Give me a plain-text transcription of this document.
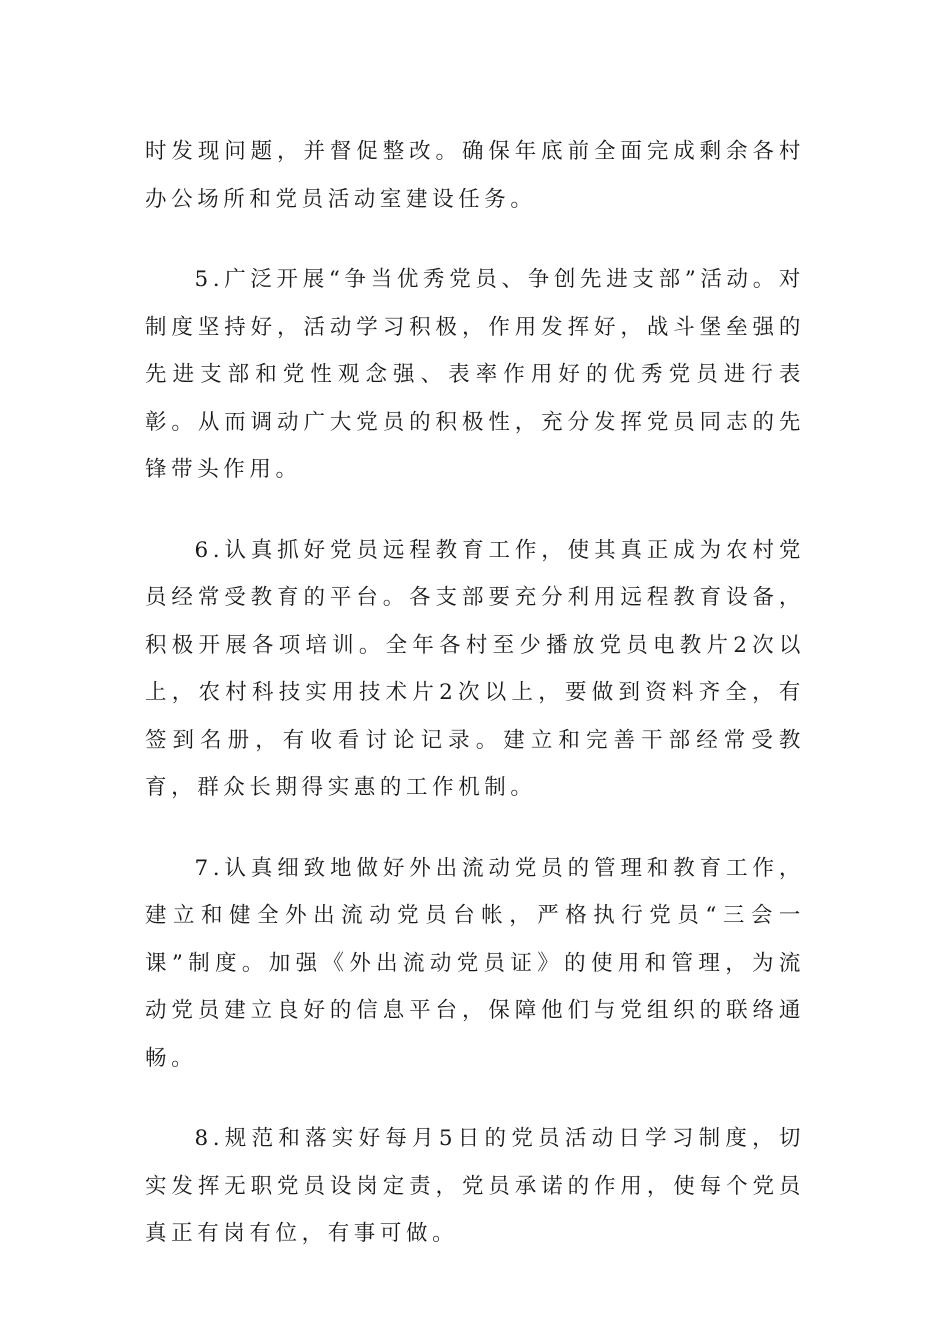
时发现问题，并督促整改。确保年底前全面完成剩余各村办公场所和党员活动室建设任务。

5.广泛开展“争当优秀党员、争创先进支部”活动。对制度坚持好，活动学习积极，作用发挥好，战斗堡垒强的先进支部和党性观念强、表率作用好的优秀党员进行表彰。从而调动广大党员的积极性，充分发挥党员同志的先锋带头作用。

6.认真抓好党员远程教育工作，使其真正成为农村党员经常受教育的平台。各支部要充分利用远程教育设备，积极开展各项培训。全年各村至少播放党员电教片2次以上，农村科技实用技术片2次以上，要做到资料齐全，有签到名册，有收看讨论记录。建立和完善干部经常受教育，群众长期得实惠的工作机制。

7.认真细致地做好外出流动党员的管理和教育工作，建立和健全外出流动党员台帐，严格执行党员“三会一课”制度。加强《外出流动党员证》的使用和管理，为流动党员建立良好的信息平台，保障他们与党组织的联络通畅。

8.规范和落实好每月5日的党员活动日学习制度，切实发挥无职党员设岗定责，党员承诺的作用，使每个党员真正有岗有位，有事可做。
